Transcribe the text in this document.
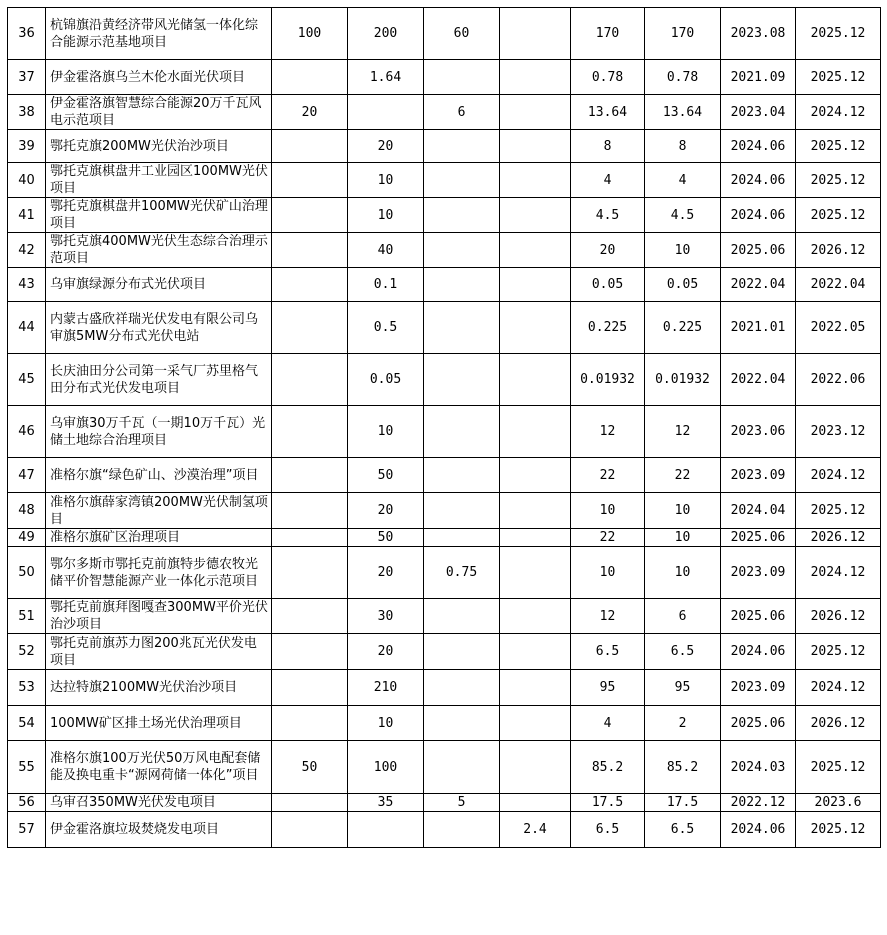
36	杭锦旗沿黄经济带风光储氢一体化综合能源示范基地项目	100	200	60		170	170	2023.08	2025.12
37	伊金霍洛旗乌兰木伦水面光伏项目		1.64			0.78	0.78	2021.09	2025.12
38	伊金霍洛旗智慧综合能源20万千瓦风电示范项目	20		6		13.64	13.64	2023.04	2024.12
39	鄂托克旗200MW光伏治沙项目		20			8	8	2024.06	2025.12
40	鄂托克旗棋盘井工业园区100MW光伏项目		10			4	4	2024.06	2025.12
41	鄂托克旗棋盘井100MW光伏矿山治理项目		10			4.5	4.5	2024.06	2025.12
42	鄂托克旗400MW光伏生态综合治理示范项目		40			20	10	2025.06	2026.12
43	乌审旗绿源分布式光伏项目		0.1			0.05	0.05	2022.04	2022.04
44	内蒙古盛欣祥瑞光伏发电有限公司乌审旗5MW分布式光伏电站		0.5			0.225	0.225	2021.01	2022.05
45	长庆油田分公司第一采气厂苏里格气田分布式光伏发电项目		0.05			0.01932	0.01932	2022.04	2022.06
46	乌审旗30万千瓦（一期10万千瓦）光储土地综合治理项目		10			12	12	2023.06	2023.12
47	准格尔旗“绿色矿山、沙漠治理”项目		50			22	22	2023.09	2024.12
48	准格尔旗薛家湾镇200MW光伏制氢项目		20			10	10	2024.04	2025.12
49	准格尔旗矿区治理项目		50			22	10	2025.06	2026.12
50	鄂尔多斯市鄂托克前旗特步德农牧光储平价智慧能源产业一体化示范项目		20	0.75		10	10	2023.09	2024.12
51	鄂托克前旗拜图嘎查300MW平价光伏治沙项目		30			12	6	2025.06	2026.12
52	鄂托克前旗苏力图200兆瓦光伏发电项目		20			6.5	6.5	2024.06	2025.12
53	达拉特旗2100MW光伏治沙项目		210			95	95	2023.09	2024.12
54	100MW矿区排土场光伏治理项目		10			4	2	2025.06	2026.12
55	准格尔旗100万光伏50万风电配套储能及换电重卡“源网荷储一体化”项目	50	100			85.2	85.2	2024.03	2025.12
56	乌审召350MW光伏发电项目		35	5		17.5	17.5	2022.12	2023.6
57	伊金霍洛旗垃圾焚烧发电项目				2.4	6.5	6.5	2024.06	2025.12
